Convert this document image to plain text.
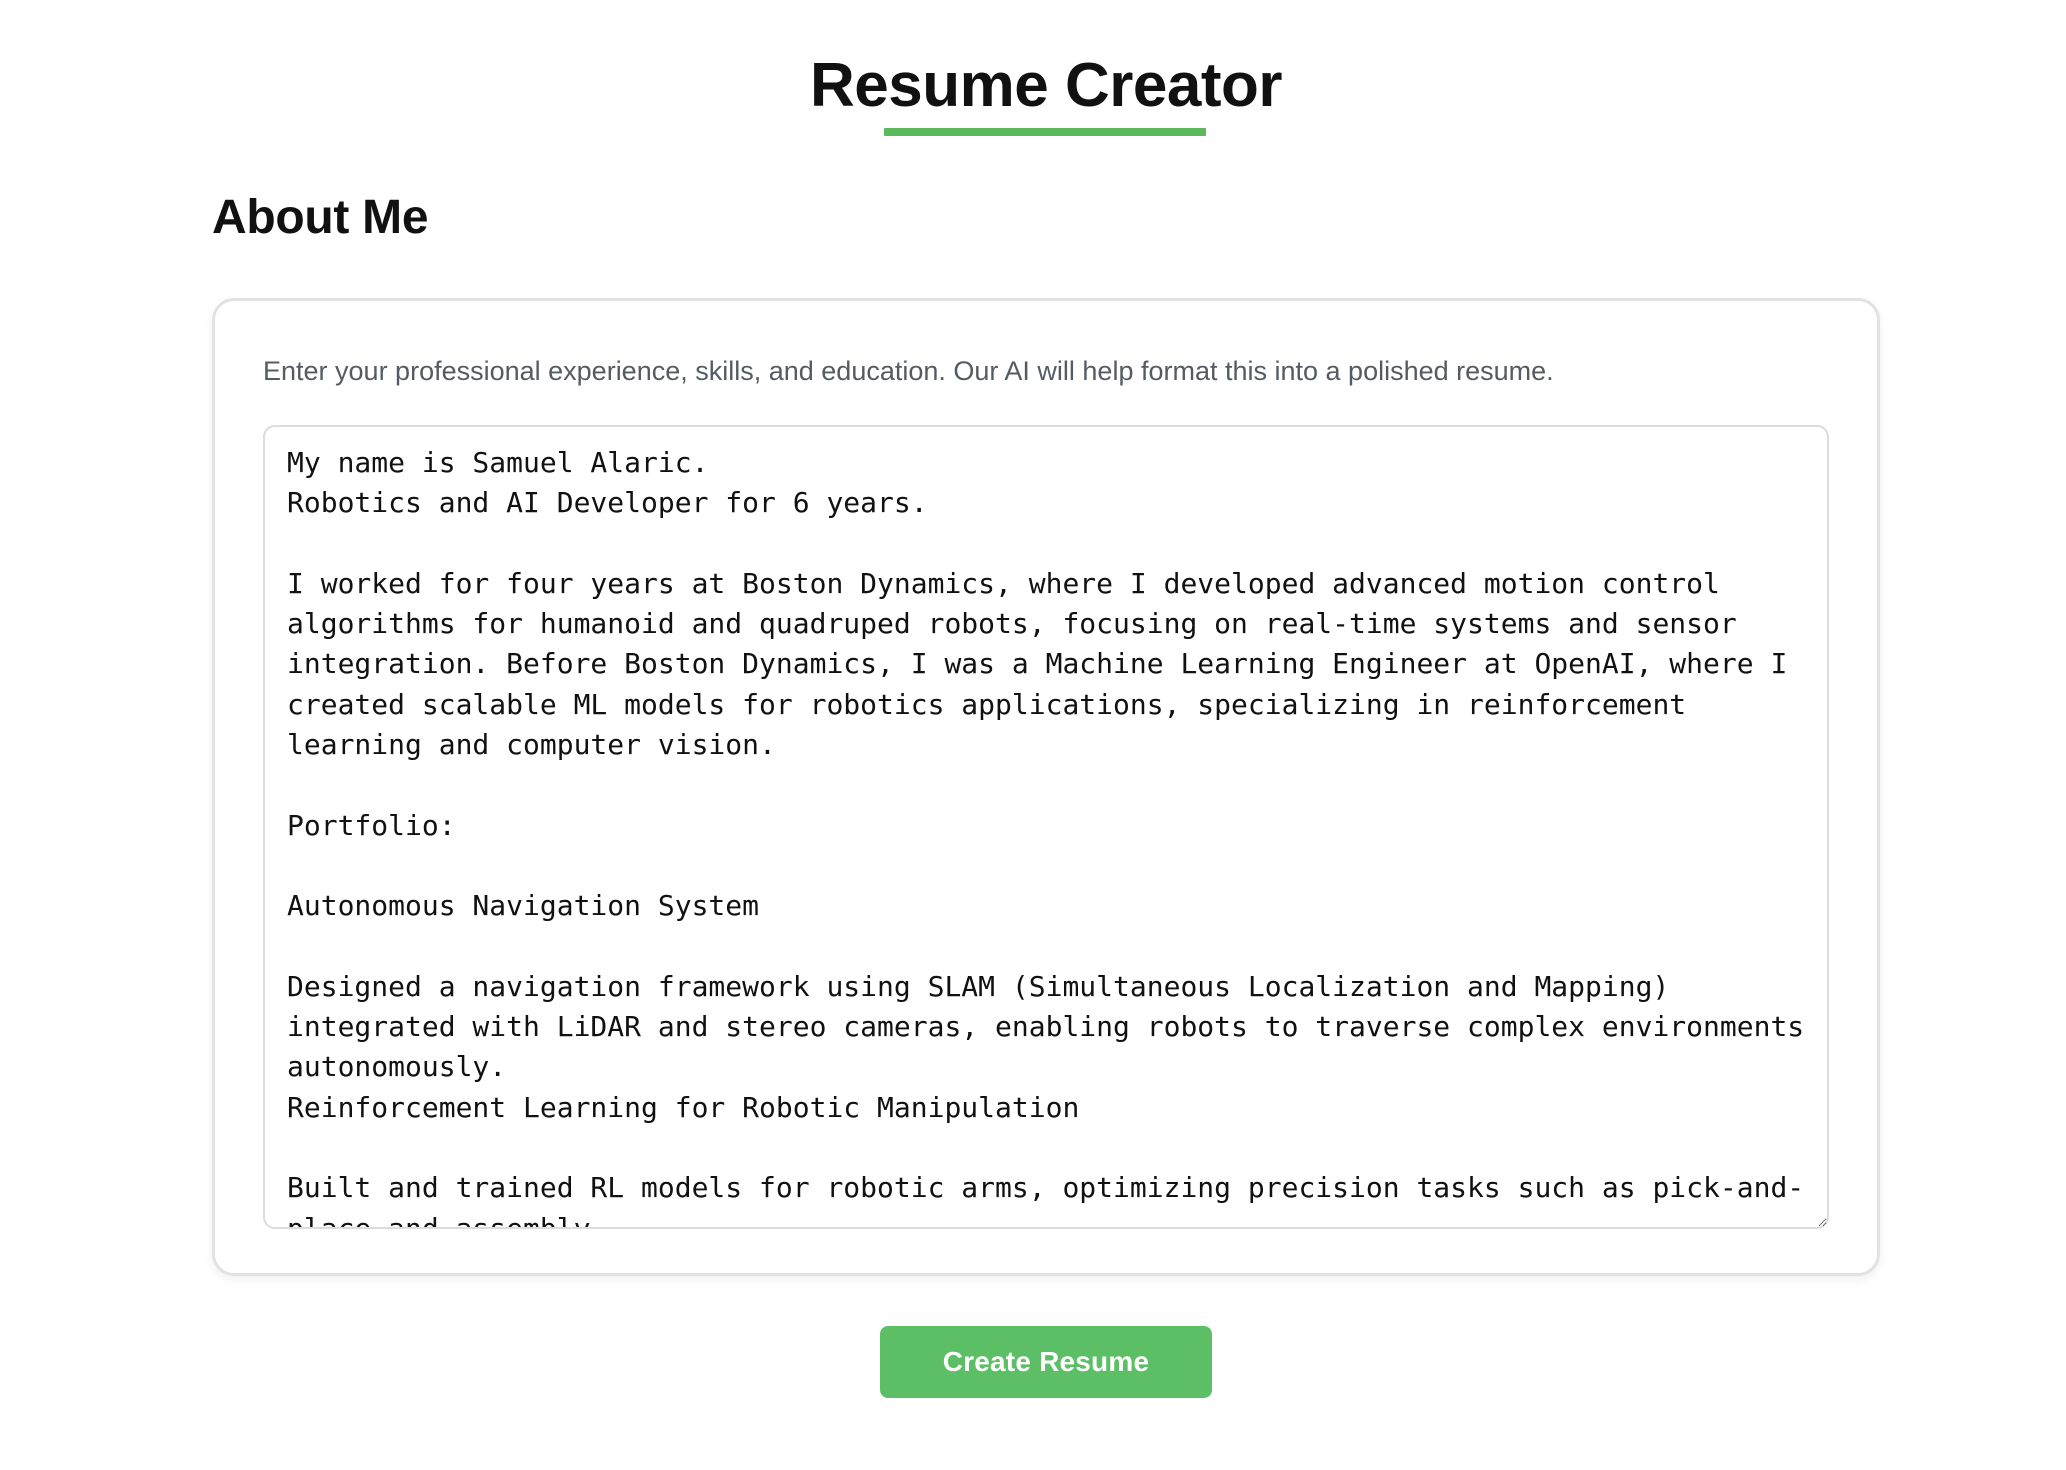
Resume Creator
About Me

Enter your professional experience, skills, and education. Our AI will help format this into a polished resume.

My name is Samuel Alaric. Robotics and AI Developer for 6 years. I worked for four years at Boston Dynamics, where I developed advanced motion control algorithms for humanoid and quadruped robots, focusing on real-time systems and sensor integration. Before Boston Dynamics, I was a Machine Learning Engineer at OpenAI, where I created scalable ML models for robotics applications, specializing in reinforcement learning and computer vision. Portfolio: Autonomous Navigation System Designed a navigation framework using SLAM (Simultaneous Localization and Mapping) integrated with LiDAR and stereo cameras, enabling robots to traverse complex environments autonomously. Reinforcement Learning for Robotic Manipulation Built and trained RL models for robotic arms, optimizing precision tasks such as pick-and-place and assembly.
Create Resume
